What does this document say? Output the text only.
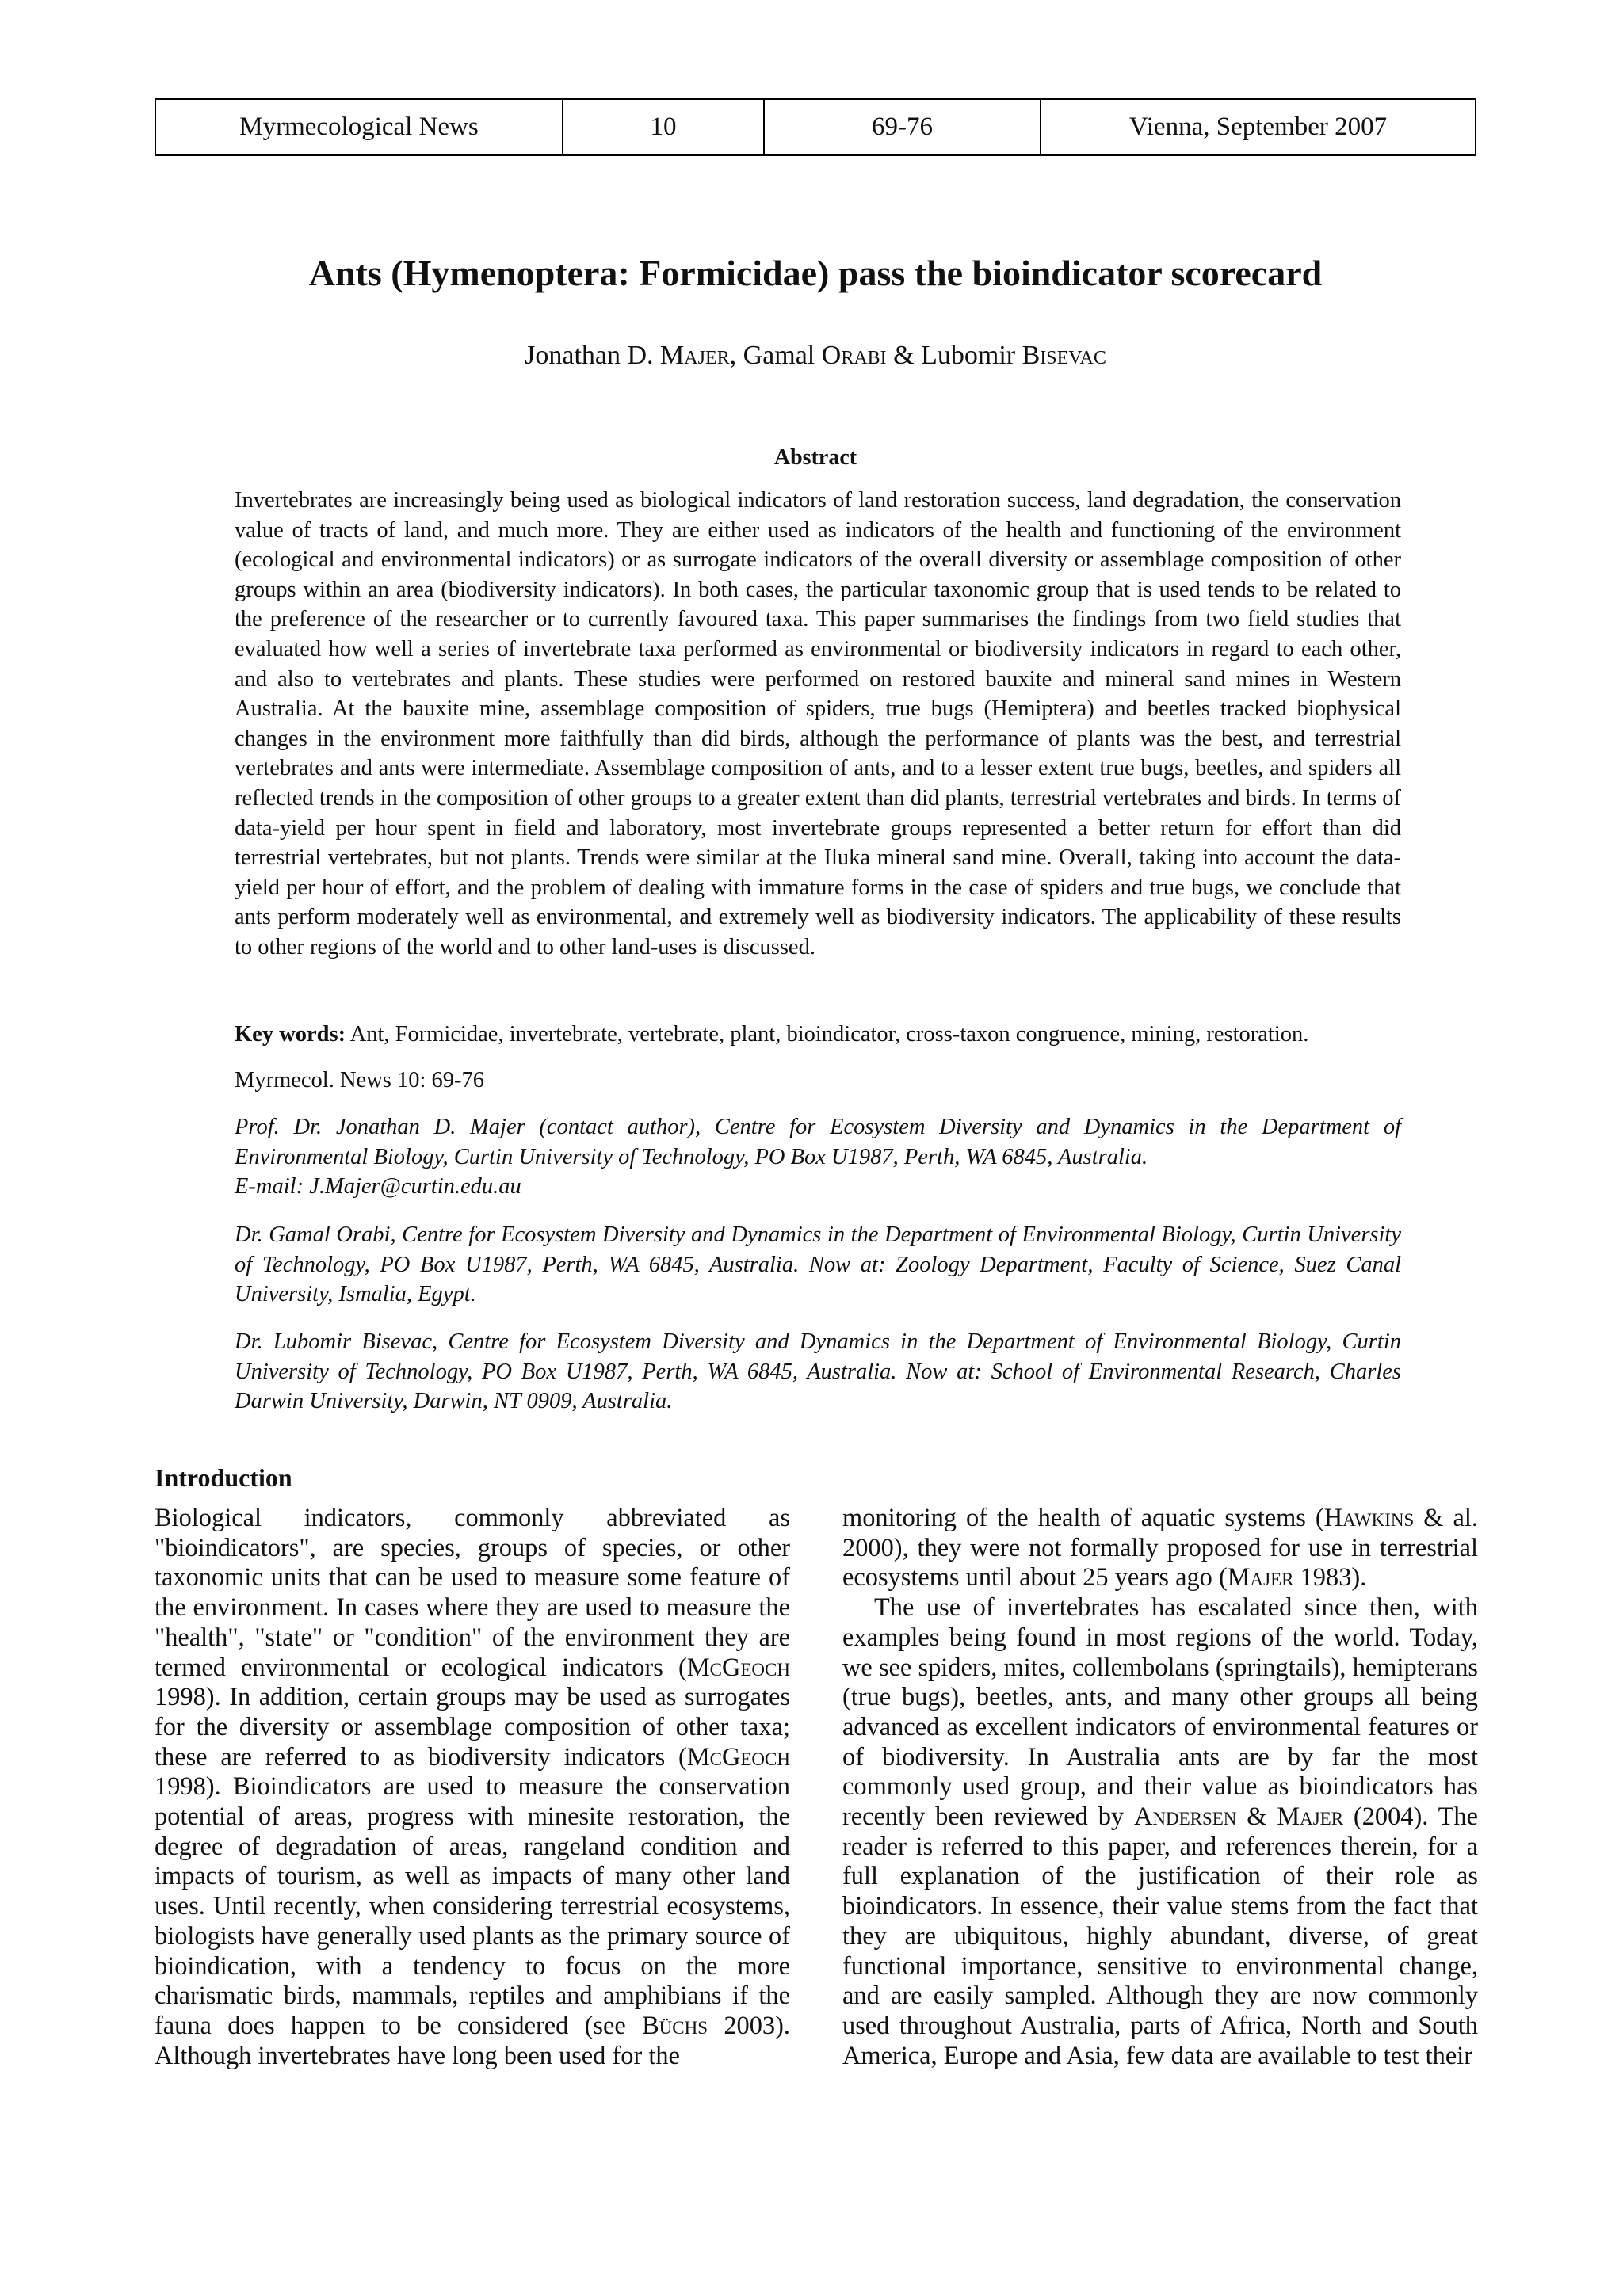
Myrmecological News	10	69-76	Vienna, September 2007
Ants (Hymenoptera: Formicidae) pass the bioindicator scorecard
Jonathan D. Majer, Gamal Orabi & Lubomir Bisevac
Abstract

Invertebrates are increasingly being used as biological indicators of land restoration success, land degradation, the conservation value of tracts of land, and much more. They are either used as indicators of the health and functioning of the environment (ecological and environmental indicators) or as surrogate indicators of the overall diversity or assemblage composition of other groups within an area (biodiversity indicators). In both cases, the particular taxonomic group that is used tends to be related to the preference of the researcher or to currently favoured taxa. This paper summarises the findings from two field studies that evaluated how well a series of invertebrate taxa performed as environmental or biodiversity indicators in regard to each other, and also to vertebrates and plants. These studies were performed on restored bauxite and mineral sand mines in Western Australia. At the bauxite mine, assemblage composition of spiders, true bugs (Hemiptera) and beetles tracked biophysical changes in the environment more faithfully than did birds, although the performance of plants was the best, and terrestrial vertebrates and ants were intermediate. Assemblage composition of ants, and to a lesser extent true bugs, beetles, and spiders all reflected trends in the composition of other groups to a greater extent than did plants, terrestrial vertebrates and birds. In terms of data-yield per hour spent in field and laboratory, most invertebrate groups represented a better return for effort than did terrestrial vertebrates, but not plants. Trends were similar at the Iluka mineral sand mine. Overall, taking into account the data-yield per hour of effort, and the problem of dealing with immature forms in the case of spiders and true bugs, we conclude that ants perform moderately well as environmental, and extremely well as biodiversity indicators. The applicability of these results to other regions of the world and to other land-uses is discussed.

Key words: Ant, Formicidae, invertebrate, vertebrate, plant, bioindicator, cross-taxon congruence, mining, restoration.

Myrmecol. News 10: 69-76

Prof. Dr. Jonathan D. Majer (contact author), Centre for Ecosystem Diversity and Dynamics in the Department of Environmental Biology, Curtin University of Technology, PO Box U1987, Perth, WA 6845, Australia.
E-mail: J.Majer@curtin.edu.au

Dr. Gamal Orabi, Centre for Ecosystem Diversity and Dynamics in the Department of Environmental Biology, Curtin University of Technology, PO Box U1987, Perth, WA 6845, Australia. Now at: Zoology Department, Faculty of Science, Suez Canal University, Ismalia, Egypt.

Dr. Lubomir Bisevac, Centre for Ecosystem Diversity and Dynamics in the Department of Environmental Biology, Curtin University of Technology, PO Box U1987, Perth, WA 6845, Australia. Now at: School of Environmental Research, Charles Darwin University, Darwin, NT 0909, Australia.

Introduction

Biological indicators, commonly abbreviated as "bioindicators", are species, groups of species, or other taxonomic units that can be used to measure some feature of the environment. In cases where they are used to measure the "health", "state" or "condition" of the environment they are termed environmental or ecological indicators (McGeoch 1998). In addition, certain groups may be used as surrogates for the diversity or assemblage composition of other taxa; these are referred to as biodiversity indicators (McGeoch 1998). Bioindicators are used to measure the conservation potential of areas, progress with minesite restoration, the degree of degradation of areas, rangeland condition and impacts of tourism, as well as impacts of many other land uses. Until recently, when considering terrestrial ecosystems, biologists have generally used plants as the primary source of bioindication, with a tendency to focus on the more charismatic birds, mammals, reptiles and amphibians if the fauna does happen to be considered (see Büchs 2003). Although invertebrates have long been used for the

monitoring of the health of aquatic systems (Hawkins & al. 2000), they were not formally proposed for use in terrestrial ecosystems until about 25 years ago (Majer 1983).

The use of invertebrates has escalated since then, with examples being found in most regions of the world. Today, we see spiders, mites, collembolans (springtails), hemipterans (true bugs), beetles, ants, and many other groups all being advanced as excellent indicators of environmental features or of biodiversity. In Australia ants are by far the most commonly used group, and their value as bioindicators has recently been reviewed by Andersen & Majer (2004). The reader is referred to this paper, and references therein, for a full explanation of the justification of their role as bioindicators. In essence, their value stems from the fact that they are ubiquitous, highly abundant, diverse, of great functional importance, sensitive to environmental change, and are easily sampled. Although they are now commonly used throughout Australia, parts of Africa, North and South America, Europe and Asia, few data are available to test their
